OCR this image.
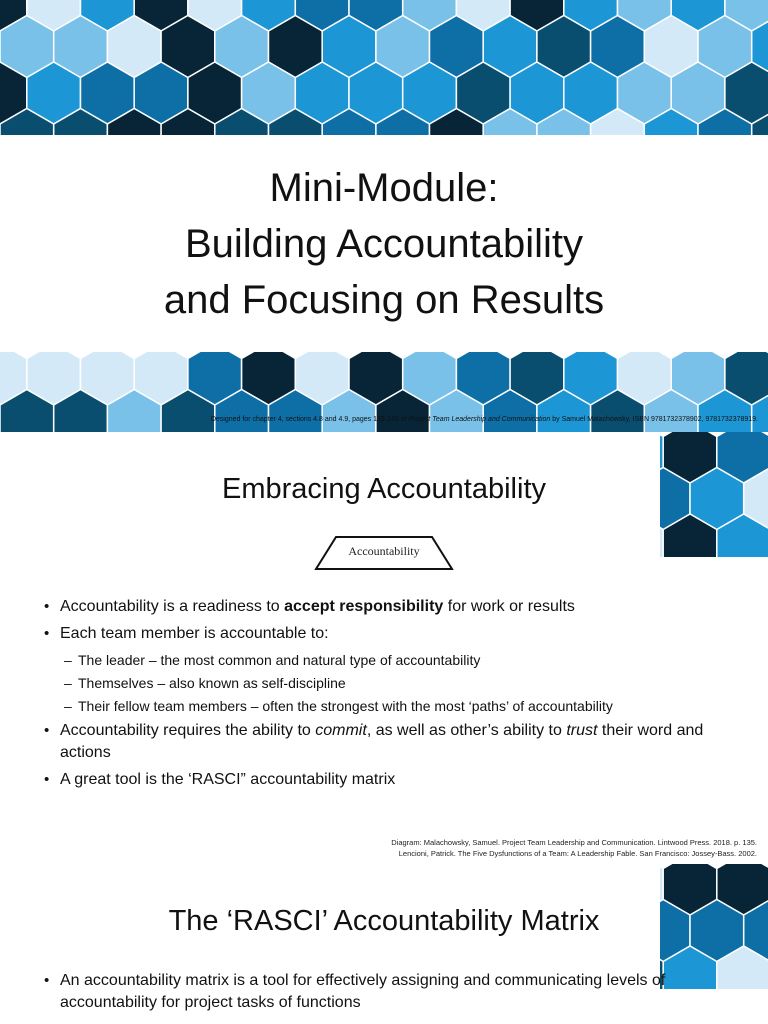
Mini-Module:
Building Accountability
and Focusing on Results
Designed for chapter 4, sections 4.8 and 4.9, pages 135-140 of Project Team Leadership and Communication by Samuel Malachowsky, ISBN 9781732378902, 9781732378919.
Embracing Accountability
Accountability
• Accountability is a readiness to accept responsibility for work or results
• Each team member is accountable to:
– The leader – the most common and natural type of accountability
– Themselves – also known as self-discipline
– Their fellow team members – often the strongest with the most ‘paths’ of accountability
• Accountability requires the ability to commit, as well as other’s ability to trust their word and actions
• A great tool is the ‘RASCI” accountability matrix
Diagram: Malachowsky, Samuel. Project Team Leadership and Communication. Lintwood Press. 2018. p. 135.
Lencioni, Patrick. The Five Dysfunctions of a Team: A Leadership Fable. San Francisco: Jossey-Bass. 2002.
The ‘RASCI’ Accountability Matrix
• An accountability matrix is a tool for effectively assigning and communicating levels of accountability for project tasks of functions
